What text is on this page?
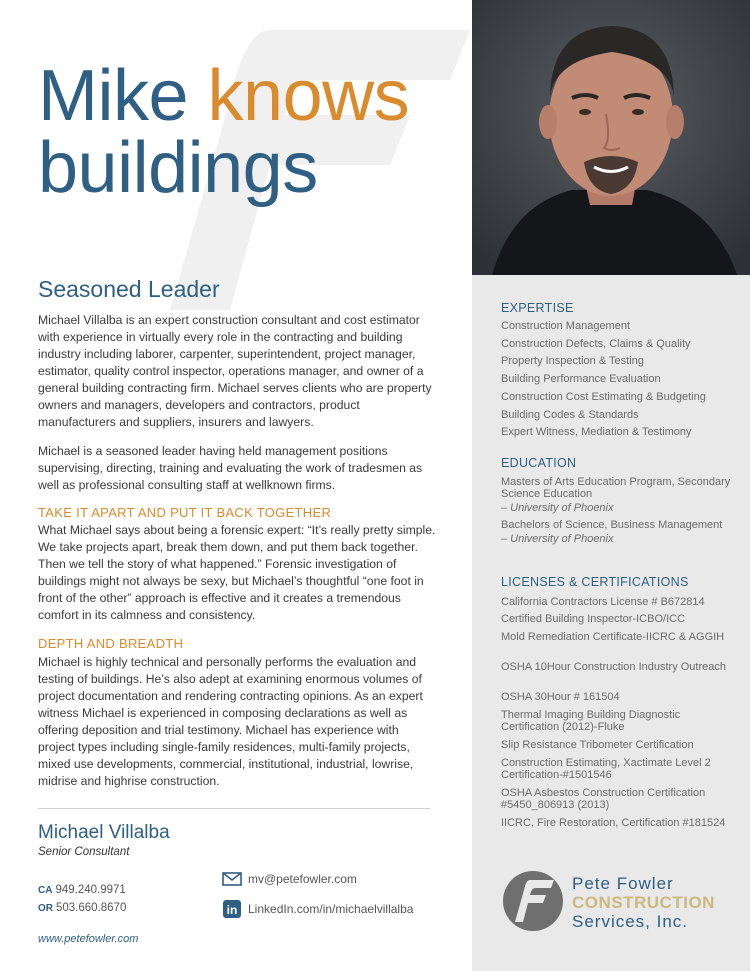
Mike knows
buildings
Seasoned Leader
Michael Villalba is an expert construction consultant and cost estimator with experience in virtually every role in the contracting and building industry including laborer, carpenter, superintendent, project manager, estimator, quality control inspector, operations manager, and owner of a general building contracting firm. Michael serves clients who are property owners and managers, developers and contractors, product manufacturers and suppliers, insurers and lawyers.
Michael is a seasoned leader having held management positions supervising, directing, training and evaluating the work of tradesmen as well as professional consulting staff at wellknown firms.
TAKE IT APART AND PUT IT BACK TOGETHER
What Michael says about being a forensic expert: “It’s really pretty simple. We take projects apart, break them down, and put them back together. Then we tell the story of what happened.” Forensic investigation of buildings might not always be sexy, but Michael’s thoughtful “one foot in front of the other” approach is effective and it creates a tremendous comfort in its calmness and consistency.
DEPTH AND BREADTH
Michael is highly technical and personally performs the evaluation and testing of buildings. He’s also adept at examining enormous volumes of project documentation and rendering contracting opinions. As an expert witness Michael is experienced in composing declarations as well as offering deposition and trial testimony. Michael has experience with project types including single-family residences, multi-family projects, mixed use developments, commercial, institutional, industrial, lowrise, midrise and highrise construction.
Michael Villalba
Senior Consultant
CA 949.240.9971
OR 503.660.8670
www.petefowler.com
mv@petefowler.com
in LinkedIn.com/in/michaelvillalba
EXPERTISE
Construction Management
Construction Defects, Claims & Quality
Property Inspection & Testing
Building Performance Evaluation
Construction Cost Estimating & Budgeting
Building Codes & Standards
Expert Witness, Mediation & Testimony
EDUCATION
Masters of Arts Education Program, Secondary Science Education
– University of Phoenix
Bachelors of Science, Business Management
– University of Phoenix
LICENSES & CERTIFICATIONS
California Contractors License # B672814
Certified Building Inspector-ICBO/ICC
Mold Remediation Certificate-IICRC & AGGIH
OSHA 10Hour Construction Industry Outreach
OSHA 30Hour # 161504
Thermal Imaging Building Diagnostic Certification (2012)-Fluke
Slip Resistance Tribometer Certification
Construction Estimating, Xactimate Level 2 Certification-#1501546
OSHA Asbestos Construction Certification #5450_806913 (2013)
IICRC, Fire Restoration, Certification #181524
Pete Fowler
CONSTRUCTION
Services, Inc.
